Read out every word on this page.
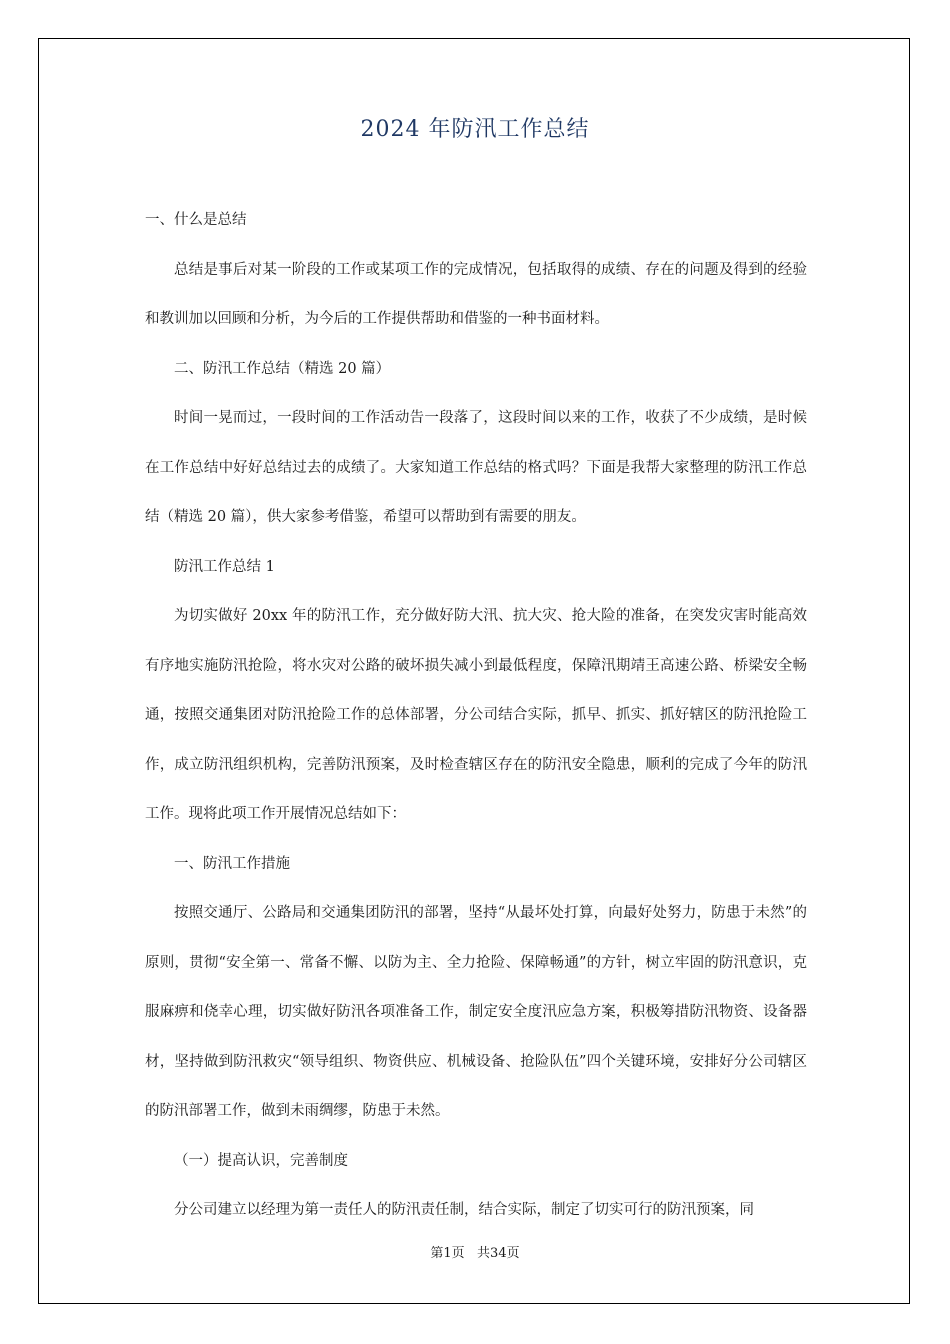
2024 年防汛工作总结

一、什么是总结

总结是事后对某一阶段的工作或某项工作的完成情况，包括取得的成绩、存在的问题及得到的经验和教训加以回顾和分析，为今后的工作提供帮助和借鉴的一种书面材料。

二、防汛工作总结（精选 20 篇）

时间一晃而过，一段时间的工作活动告一段落了，这段时间以来的工作，收获了不少成绩，是时候在工作总结中好好总结过去的成绩了。大家知道工作总结的格式吗？下面是我帮大家整理的防汛工作总结（精选 20 篇），供大家参考借鉴，希望可以帮助到有需要的朋友。

防汛工作总结 1

为切实做好 20xx 年的防汛工作，充分做好防大汛、抗大灾、抢大险的准备，在突发灾害时能高效有序地实施防汛抢险，将水灾对公路的破坏损失减小到最低程度，保障汛期靖王高速公路、桥梁安全畅通，按照交通集团对防汛抢险工作的总体部署，分公司结合实际，抓早、抓实、抓好辖区的防汛抢险工作，成立防汛组织机构，完善防汛预案，及时检查辖区存在的防汛安全隐患，顺利的完成了今年的防汛工作。现将此项工作开展情况总结如下：

一、防汛工作措施

按照交通厅、公路局和交通集团防汛的部署，坚持“从最坏处打算，向最好处努力，防患于未然”的原则，贯彻“安全第一、常备不懈、以防为主、全力抢险、保障畅通”的方针，树立牢固的防汛意识，克服麻痹和侥幸心理，切实做好防汛各项准备工作，制定安全度汛应急方案，积极筹措防汛物资、设备器材，坚持做到防汛救灾“领导组织、物资供应、机械设备、抢险队伍”四个关键环境，安排好分公司辖区的防汛部署工作，做到未雨绸缪，防患于未然。

（一）提高认识，完善制度

分公司建立以经理为第一责任人的防汛责任制，结合实际，制定了切实可行的防汛预案，同

第1页   共34页
